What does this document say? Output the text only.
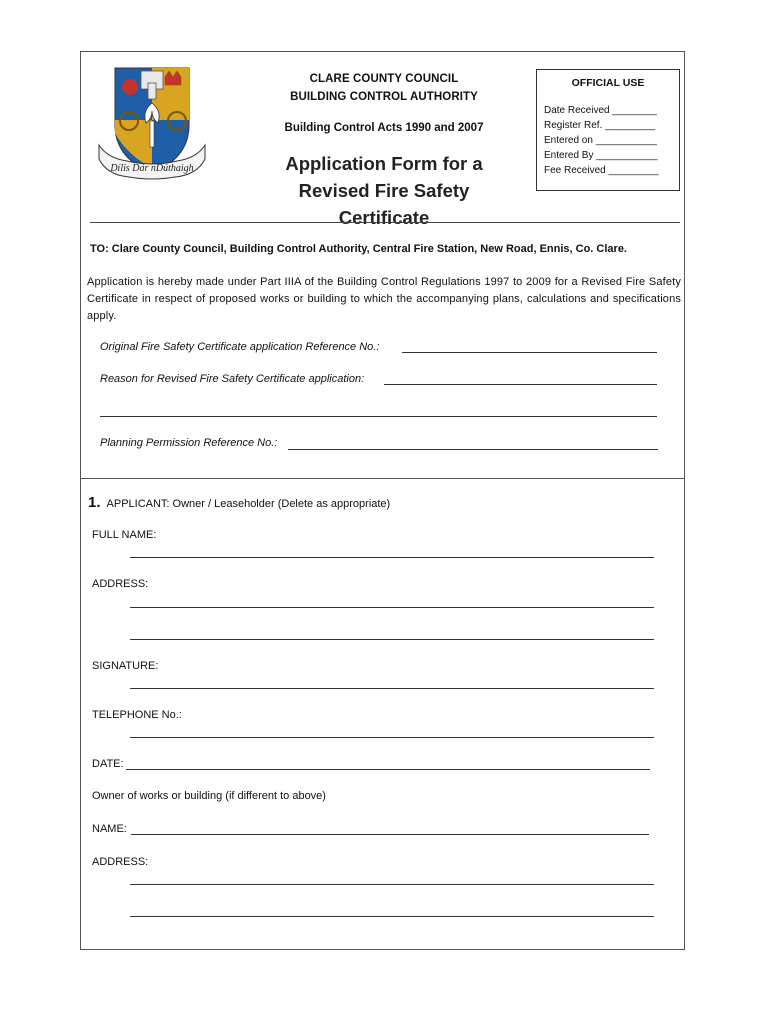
Dílis Dár nDúthaigh
CLARE COUNTY COUNCIL
BUILDING CONTROL AUTHORITY
Building Control Acts 1990 and 2007
Application Form for a
Revised Fire Safety Certificate
OFFICIAL USE
Date Received ________
Register Ref. _________
Entered on ___________
Entered By ___________
Fee Received _________
TO: Clare County Council, Building Control Authority, Central Fire Station, New Road, Ennis, Co. Clare.
Application is hereby made under Part IIIA of the Building Control Regulations 1997 to 2009 for a Revised Fire Safety Certificate in respect of proposed works or building to which the accompanying plans, calculations and specifications apply.
Original Fire Safety Certificate application Reference No.:
Reason for Revised Fire Safety Certificate application:
Planning Permission Reference No.:
1. APPLICANT: Owner / Leaseholder (Delete as appropriate)
FULL NAME:
ADDRESS:
SIGNATURE:
TELEPHONE No.:
DATE:
Owner of works or building (if different to above)
NAME:
ADDRESS:
